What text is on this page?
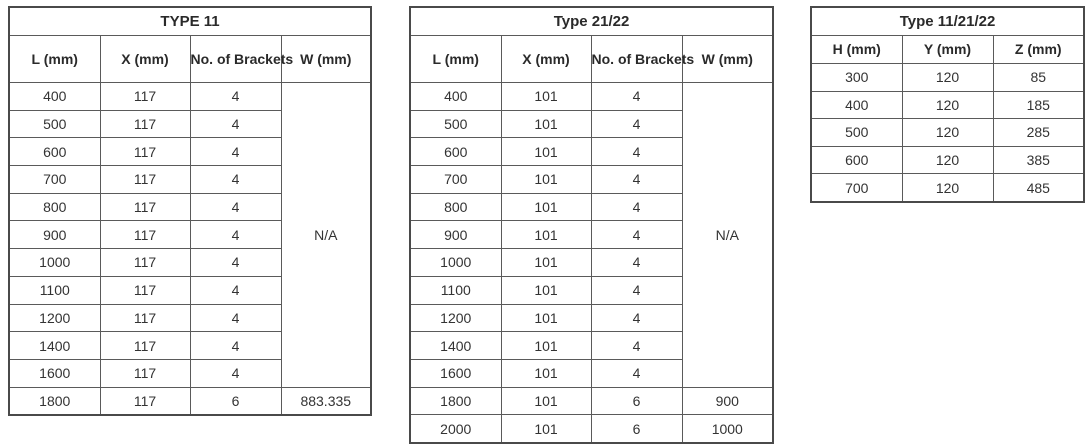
TYPE 11			
L (mm)	X (mm)	No. of Brackets	W (mm)
400	117	4	N/A
500	117	4	
600	117	4	
700	117	4	
800	117	4	
900	117	4	
1000	117	4	
1100	117	4	
1200	117	4	
1400	117	4	
1600	117	4	
1800	117	6	883.335
Type 21/22			
L (mm)	X (mm)	No. of Brackets	W (mm)
400	101	4	N/A
500	101	4	
600	101	4	
700	101	4	
800	101	4	
900	101	4	
1000	101	4	
1100	101	4	
1200	101	4	
1400	101	4	
1600	101	4	
1800	101	6	900
2000	101	6	1000
Type 11/21/22		
H (mm)	Y (mm)	Z (mm)
300	120	85
400	120	185
500	120	285
600	120	385
700	120	485
